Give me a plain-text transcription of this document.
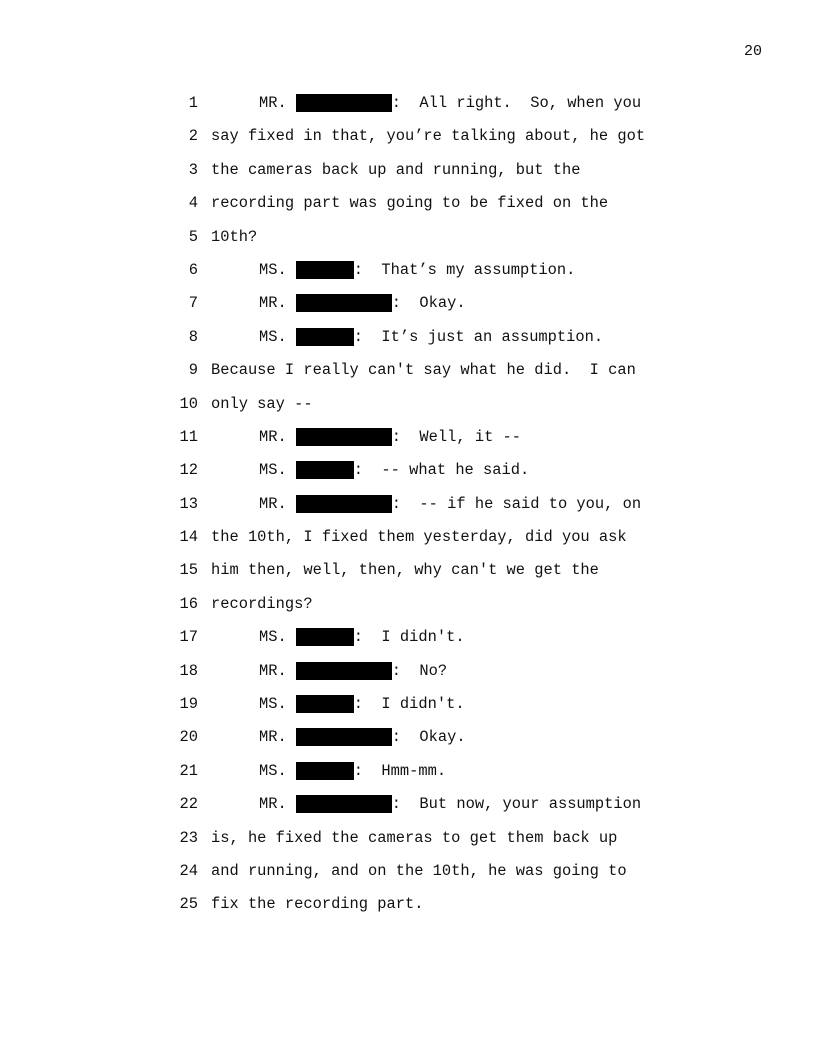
20
1	MR.	:  All right.  So, when you
2 say fixed in that, you’re talking about, he got
3 the cameras back up and running, but the
4 recording part was going to be fixed on the
5 10th?
6	MS.	:  That’s my assumption.
7	MR.	:  Okay.
8	MS.	:  It’s just an assumption.
9 Because I really can't say what he did.  I can
10 only say --
11	MR.	:  Well, it --
12	MS.	:  -- what he said.
13	MR.	:  -- if he said to you, on
14 the 10th, I fixed them yesterday, did you ask
15 him then, well, then, why can't we get the
16 recordings?
17	MS.	:  I didn't.
18	MR.	:  No?
19	MS.	:  I didn't.
20	MR.	:  Okay.
21	MS.	:  Hmm-mm.
22	MR.	:  But now, your assumption
23 is, he fixed the cameras to get them back up
24 and running, and on the 10th, he was going to
25 fix the recording part.
